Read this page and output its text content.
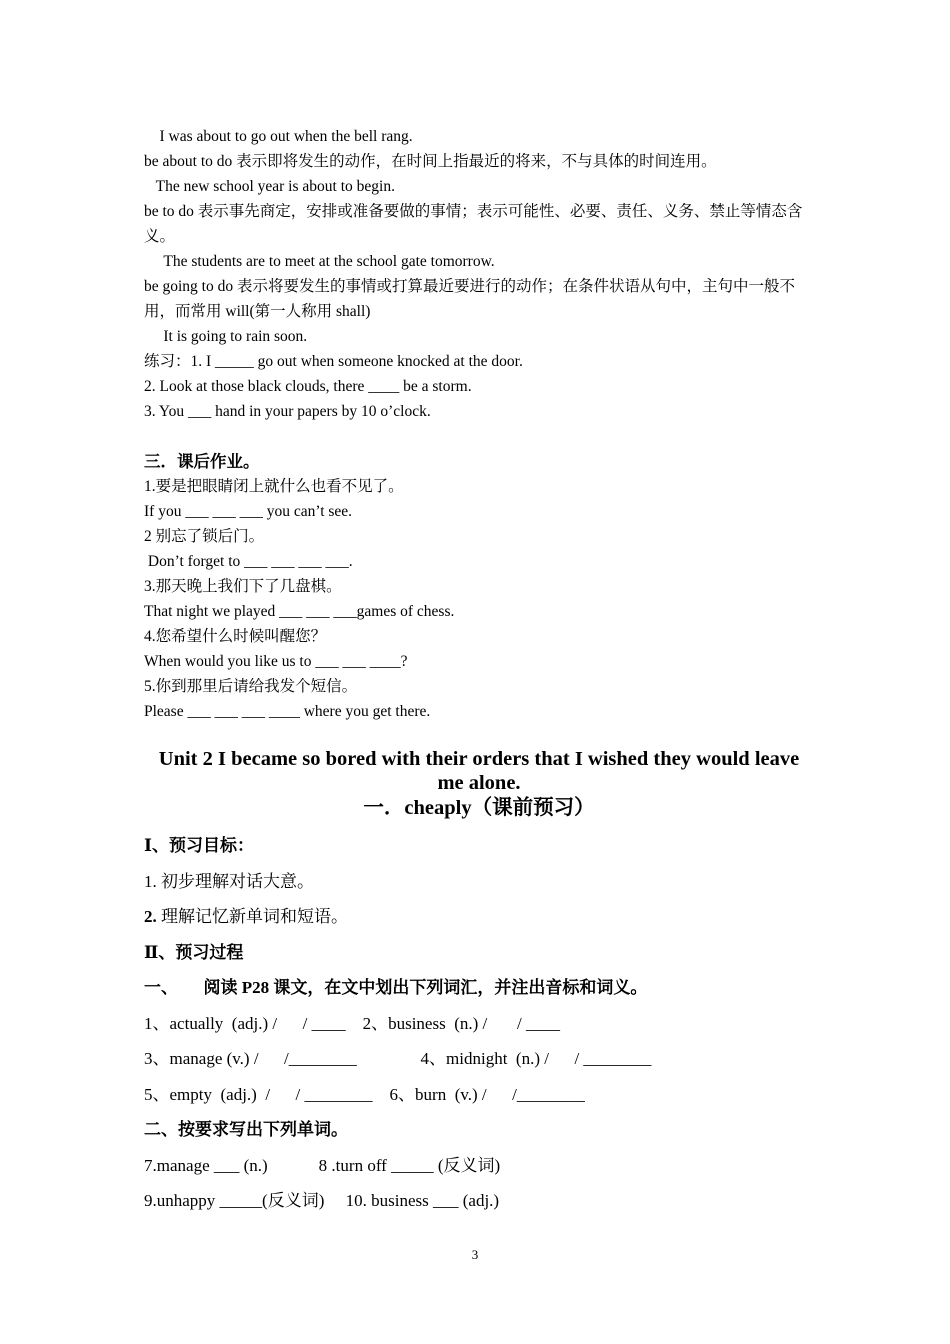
I was about to go out when the bell rang.

be about to do 表示即将发生的动作，在时间上指最近的将来，不与具体的时间连用。

The new school year is about to begin.

be to do 表示事先商定，安排或准备要做的事情；表示可能性、必要、责任、义务、禁止等情态含义。

The students are to meet at the school gate tomorrow.

be going to do 表示将要发生的事情或打算最近要进行的动作；在条件状语从句中，主句中一般不用，而常用 will(第一人称用 shall)

It is going to rain soon.

练习：1. I _____ go out when someone knocked at the door.

2. Look at those black clouds, there ____ be a storm.

3. You ___ hand in your papers by 10 o’clock.

三．课后作业。

1.要是把眼睛闭上就什么也看不见了。

If you ___ ___ ___ you can’t see.

2 别忘了锁后门。

Don’t forget to ___ ___ ___ ___.

3.那天晚上我们下了几盘棋。

That night we played ___ ___ ___games of chess.

4.您希望什么时候叫醒您？

When would you like us to ___ ___ ____?

5.你到那里后请给我发个短信。

Please ___ ___ ___ ____ where you get there.

Unit 2 I became so bored with their orders that I wished they would leave me alone.

一．cheaply（课前预习）

Ⅰ、预习目标：

1. 初步理解对话大意。

2. 理解记忆新单词和短语。

Ⅱ、预习过程

一、      阅读 P28 课文，在文中划出下列词汇，并注出音标和词义。

1、actually  (adj.) /      / ____    2、business  (n.) /       / ____

3、manage (v.) /      /________               4、midnight  (n.) /      / ________

5、empty  (adj.)  /      / ________    6、burn  (v.) /      /________

二、按要求写出下列单词。

7.manage ___ (n.)            8 .turn off _____ (反义词)

9.unhappy _____(反义词)     10. business ___ (adj.)

3
